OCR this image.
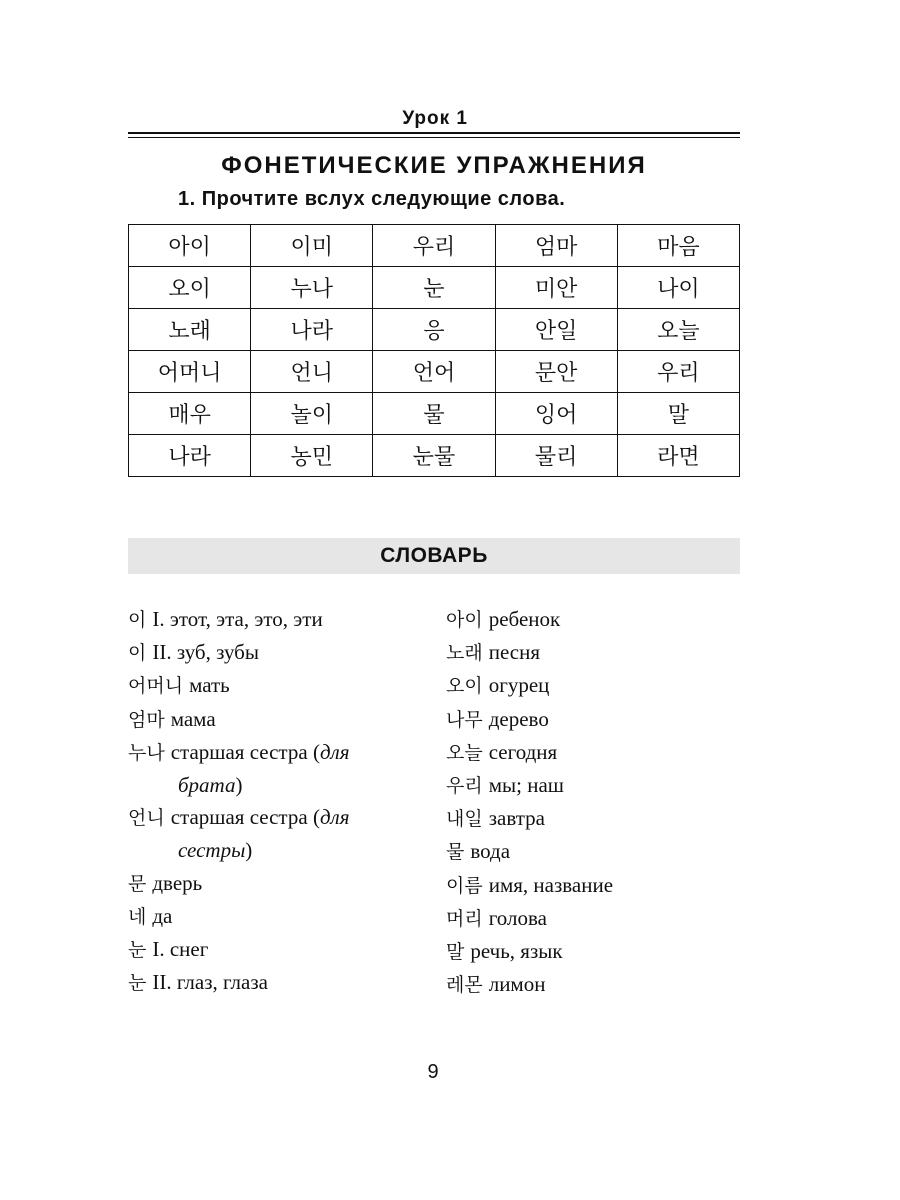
Урок 1
ФОНЕТИЧЕСКИЕ УПРАЖНЕНИЯ
1. Прочтите вслух следующие слова.
아이	이미	우리	엄마	마음
오이	누나	눈	미안	나이
노래	나라	응	안일	오늘
어머니	언니	언어	문안	우리
매우	놀이	물	잉어	말
나라	농민	눈물	물리	라면
СЛОВАРЬ
이 I. этот, эта, это, эти
이 II. зуб, зубы
어머니 мать
엄마 мама
누나 старшая сестра (для
брата)
언니 старшая сестра (для
сестры)
문 дверь
네 да
눈 I. снег
눈 II. глаз, глаза
아이 ребенок
노래 песня
오이 огурец
나무 дерево
오늘 сегодня
우리 мы; наш
내일 завтра
물 вода
이름 имя, название
머리 голова
말 речь, язык
레몬 лимон
9
